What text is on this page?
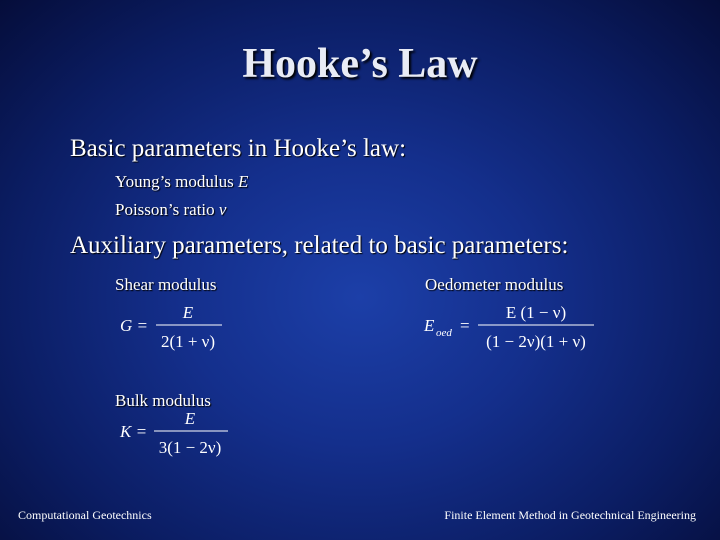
Hooke’s Law
Basic parameters in Hooke’s law:
Young’s modulus E
Poisson’s ratio ν
Auxiliary parameters, related to basic parameters:
Shear modulus	Oedometer modulus
Bulk modulus
G =
E
2(1 + ν)
E oed =
E (1 − ν)
(1 − 2ν)(1 + ν)
K =
E
3(1 − 2ν)
Computational Geotechnics	Finite Element Method in Geotechnical Engineering
